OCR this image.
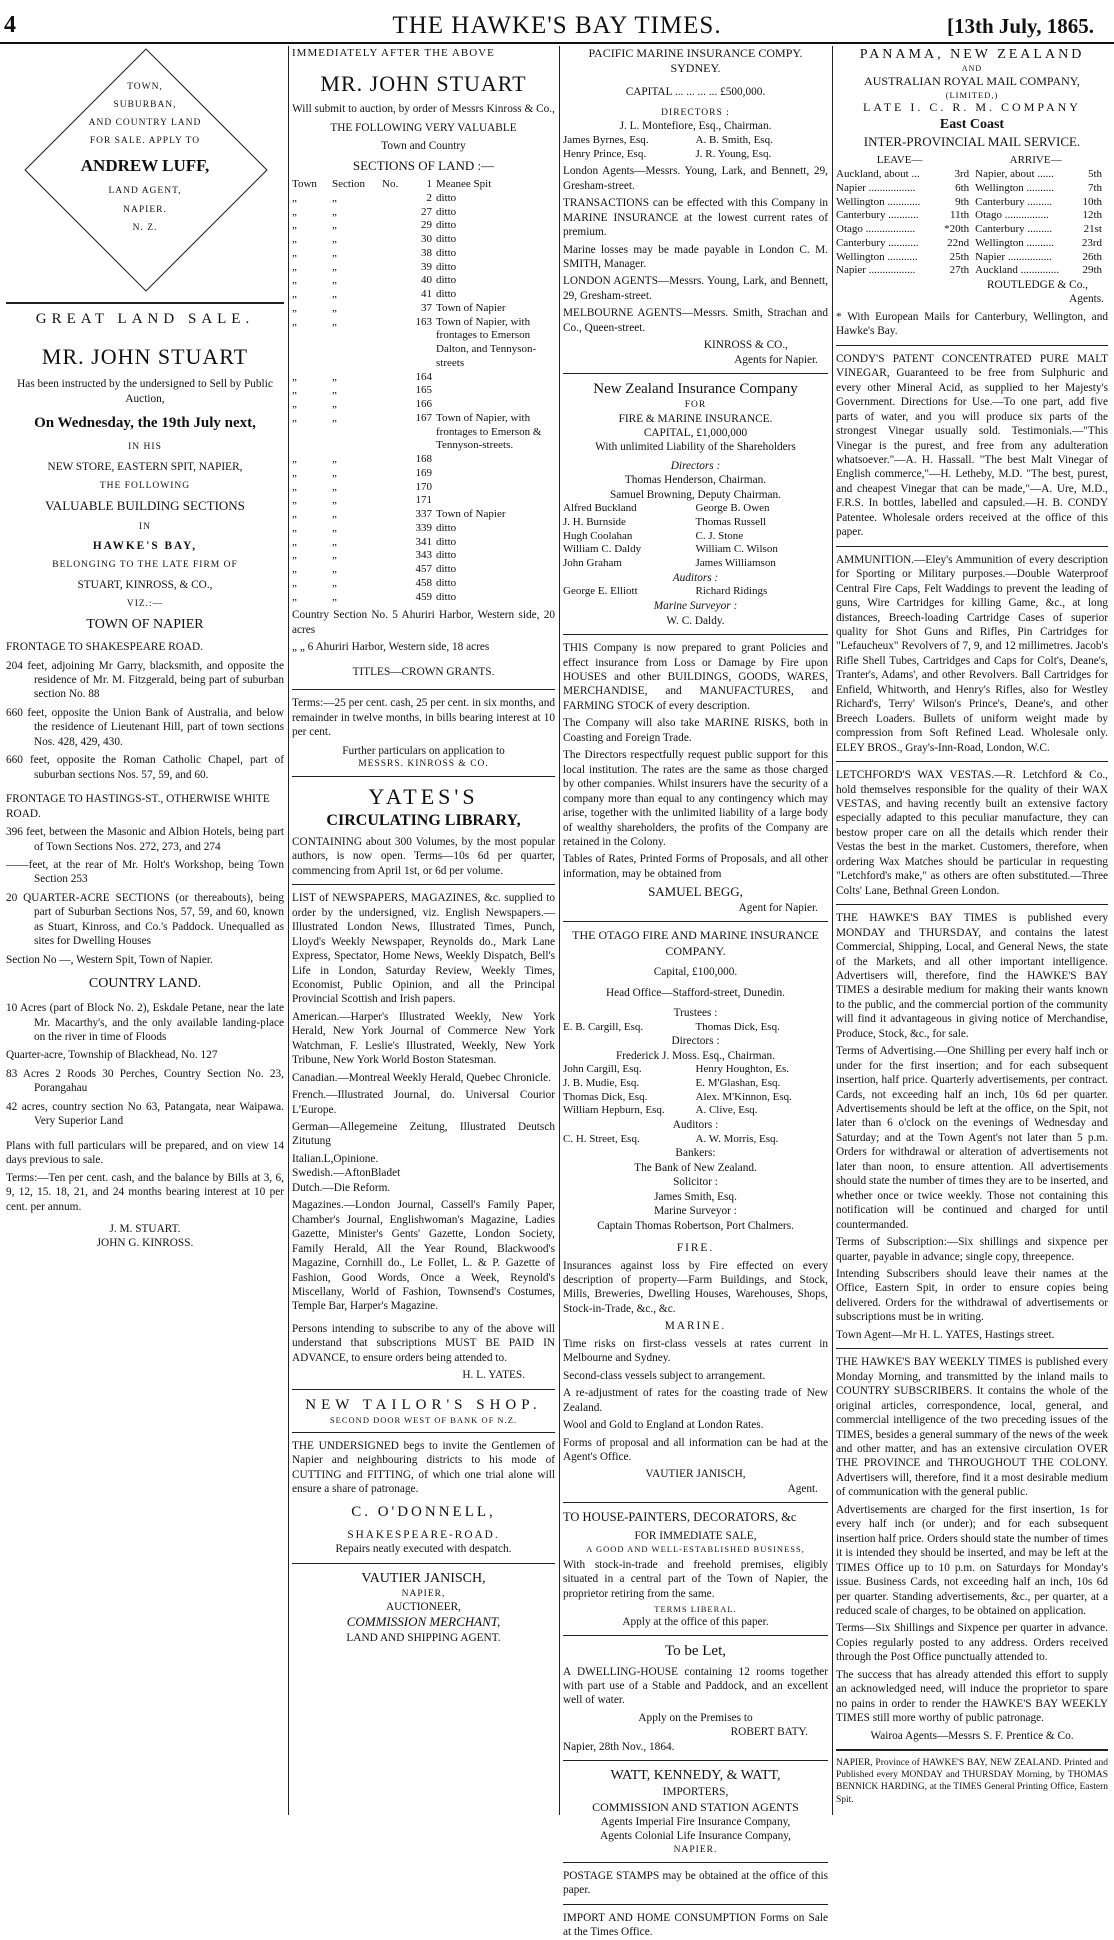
4	THE HAWKE'S BAY TIMES.	[13th July, 1865.
TOWN,
SUBURBAN,
AND COUNTRY LAND
FOR SALE. APPLY TO
ANDREW LUFF,
LAND AGENT,
NAPIER.
N. Z.
GREAT LAND SALE.
MR. JOHN STUART
Has been instructed by the undersigned to Sell by Public Auction,
On Wednesday, the 19th July next,
IN HIS
NEW STORE, EASTERN SPIT, NAPIER,
THE FOLLOWING
VALUABLE BUILDING SECTIONS
IN
HAWKE'S BAY,
BELONGING TO THE LATE FIRM OF
STUART, KINROSS, & CO.,
VIZ.:—
TOWN OF NAPIER
FRONTAGE TO SHAKESPEARE ROAD.

204 feet, adjoining Mr Garry, blacksmith, and opposite the residence of Mr. M. Fitzgerald, being part of suburban section No. 88

660 feet, opposite the Union Bank of Australia, and below the residence of Lieutenant Hill, part of town sections Nos. 428, 429, 430.

660 feet, opposite the Roman Catholic Chapel, part of suburban sections Nos. 57, 59, and 60.

FRONTAGE TO HASTINGS-ST., OTHERWISE WHITE ROAD.

396 feet, between the Masonic and Albion Hotels, being part of Town Sections Nos. 272, 273, and 274

——feet, at the rear of Mr. Holt's Workshop, being Town Section 253

20 QUARTER-ACRE SECTIONS (or thereabouts), being part of Suburban Sections Nos, 57, 59, and 60, known as Stuart, Kinross, and Co.'s Paddock. Unequalled as sites for Dwelling Houses

Section No —, Western Spit, Town of Napier.

COUNTRY LAND.

10 Acres (part of Block No. 2), Eskdale Petane, near the late Mr. Macarthy's, and the only available landing-place on the river in time of Floods

Quarter-acre, Township of Blackhead, No. 127

83 Acres 2 Roods 30 Perches, Country Section No. 23, Porangahau

42 acres, country section No 63, Patangata, near Waipawa. Very Superior Land

Plans with full particulars will be prepared, and on view 14 days previous to sale.

Terms:—Ten per cent. cash, and the balance by Bills at 3, 6, 9, 12, 15. 18, 21, and 24 months bearing interest at 10 per cent. per annum.

J. M. STUART.
JOHN G. KINROSS.
IMMEDIATELY AFTER THE ABOVE
MR. JOHN STUART
Will submit to auction, by order of Messrs Kinross & Co.,
THE FOLLOWING VERY VALUABLE
Town and Country
SECTIONS OF LAND :—
Town	Section	No.	1	Meanee Spit
„	„	2	ditto
„	„	27	ditto
„	„	29	ditto
„	„	30	ditto
„	„	38	ditto
„	„	39	ditto
„	„	40	ditto
„	„	41	ditto
„	„	37	Town of Napier
„	„	163	Town of Napier, with frontages to Emerson Dalton, and Tennyson-streets
„	„	164	
„	„	165	
„	„	166	
„	„	167	Town of Napier, with frontages to Emerson & Tennyson-streets.
„	„	168	
„	„	169	
„	„	170	
„	„	171	
„	„	337	Town of Napier
„	„	339	ditto
„	„	341	ditto
„	„	343	ditto
„	„	457	ditto
„	„	458	ditto
„	„	459	ditto

Country Section No. 5 Ahuriri Harbor, Western side, 20 acres

„ „ 6 Ahuriri Harbor, Western side, 18 acres

TITLES—CROWN GRANTS.

Terms:—25 per cent. cash, 25 per cent. in six months, and remainder in twelve months, in bills bearing interest at 10 per cent.

Further particulars on application to
MESSRS. KINROSS & CO.
YATES'S
CIRCULATING LIBRARY,

CONTAINING about 300 Volumes, by the most popular authors, is now open. Terms—10s 6d per quarter, commencing from April 1st, or 6d per volume.

LIST of NEWSPAPERS, MAGAZINES, &c. supplied to order by the undersigned, viz. English Newspapers.—Illustrated London News, Illustrated Times, Punch, Lloyd's Weekly Newspaper, Reynolds do., Mark Lane Express, Spectator, Home News, Weekly Dispatch, Bell's Life in London, Saturday Review, Weekly Times, Economist, Public Opinion, and all the Principal Provincial Scottish and Irish papers.

American.—Harper's Illustrated Weekly, New York Herald, New York Journal of Commerce New York Watchman, F. Leslie's Illustrated, Weekly, New York Tribune, New York World Boston Statesman.

Canadian.—Montreal Weekly Herald, Quebec Chronicle.

French.—Illustrated Journal, do. Universal Courior L'Europe.

German—Allegemeine Zeitung, Illustrated Deutsch Zitutung

Italian.L,Opinione.
Swedish.—AftonBladet
Dutch.—Die Reform.

Magazines.—London Journal, Cassell's Family Paper, Chamber's Journal, Englishwoman's Magazine, Ladies Gazette, Minister's Gents' Gazette, London Society, Family Herald, All the Year Round, Blackwood's Magazine, Cornhill do., Le Follet, L. & P. Gazette of Fashion, Good Words, Once a Week, Reynold's Miscellany, World of Fashion, Townsend's Costumes, Temple Bar, Harper's Magazine.

Persons intending to subscribe to any of the above will understand that subscriptions MUST BE PAID IN ADVANCE, to ensure orders being attended to.

H. L. YATES.
NEW TAILOR'S SHOP.
SECOND DOOR WEST OF BANK OF N.Z.

THE UNDERSIGNED begs to invite the Gentlemen of Napier and neighbouring districts to his mode of CUTTING and FITTING, of which one trial alone will ensure a share of patronage.

C. O'DONNELL,
SHAKESPEARE-ROAD.
Repairs neatly executed with despatch.
VAUTIER JANISCH,
NAPIER,
AUCTIONEER,
COMMISSION MERCHANT,
LAND AND SHIPPING AGENT.
PACIFIC MARINE INSURANCE COMPY. SYDNEY.
CAPITAL ... ... ... ... £500,000.
DIRECTORS :
J. L. Montefiore, Esq., Chairman.
James Byrnes, Esq.	A. B. Smith, Esq.
Henry Prince, Esq.	J. R. Young, Esq.

London Agents—Messrs. Young, Lark, and Bennett, 29, Gresham-street.

TRANSACTIONS can be effected with this Company in MARINE INSURANCE at the lowest current rates of premium.

Marine losses may be made payable in London C. M. SMITH, Manager.

LONDON AGENTS—Messrs. Young, Lark, and Bennett, 29, Gresham-street.

MELBOURNE AGENTS—Messrs. Smith, Strachan and Co., Queen-street.

KINROSS & CO.,
Agents for Napier.
New Zealand Insurance Company
FOR
FIRE & MARINE INSURANCE.
CAPITAL, £1,000,000
With unlimited Liability of the Shareholders
Directors :
Thomas Henderson, Chairman.
Samuel Browning, Deputy Chairman.
Alfred Buckland	George B. Owen
J. H. Burnside	Thomas Russell
Hugh Coolahan	C. J. Stone
William C. Daldy	William C. Wilson
John Graham	James Williamson
Auditors :
George E. Elliott	Richard Ridings
Marine Surveyor :
W. C. Daldy.

THIS Company is now prepared to grant Policies and effect insurance from Loss or Damage by Fire upon HOUSES and other BUILDINGS, GOODS, WARES, MERCHANDISE, and MANUFACTURES, and FARMING STOCK of every description.

The Company will also take MARINE RISKS, both in Coasting and Foreign Trade.

The Directors respectfully request public support for this local institution. The rates are the same as those charged by other companies. Whilst insurers have the security of a company more than equal to any contingency which may arise, together with the unlimited liability of a large body of wealthy shareholders, the profits of the Company are retained in the Colony.

Tables of Rates, Printed Forms of Proposals, and all other information, may be obtained from

SAMUEL BEGG,
Agent for Napier.
THE OTAGO FIRE AND MARINE INSURANCE COMPANY.
Capital, £100,000.
Head Office—Stafford-street, Dunedin.
Trustees :
E. B. Cargill, Esq.	Thomas Dick, Esq.
Directors :
Frederick J. Moss. Esq., Chairman.
John Cargill, Esq.	Henry Houghton, Es.
J. B. Mudie, Esq.	E. M'Glashan, Esq.
Thomas Dick, Esq.	Alex. M'Kinnon, Esq.
William Hepburn, Esq.	A. Clive, Esq.
Auditors :
C. H. Street, Esq.	A. W. Morris, Esq.
Bankers:
The Bank of New Zealand.
Solicitor :
James Smith, Esq.
Marine Surveyor :
Captain Thomas Robertson, Port Chalmers.
FIRE.

Insurances against loss by Fire effected on every description of property—Farm Buildings, and Stock, Mills, Breweries, Dwelling Houses, Warehouses, Shops, Stock-in-Trade, &c., &c.

MARINE.

Time risks on first-class vessels at rates current in Melbourne and Sydney.

Second-class vessels subject to arrangement.

A re-adjustment of rates for the coasting trade of New Zealand.

Wool and Gold to England at London Rates.

Forms of proposal and all information can be had at the Agent's Office.

VAUTIER JANISCH,
Agent.
TO HOUSE-PAINTERS, DECORATORS, &c
FOR IMMEDIATE SALE,
A GOOD AND WELL-ESTABLISHED BUSINESS,

With stock-in-trade and freehold premises, eligibly situated in a central part of the Town of Napier, the proprietor retiring from the same.

TERMS LIBERAL.
Apply at the office of this paper.
To be Let,

A DWELLING-HOUSE containing 12 rooms together with part use of a Stable and Paddock, and an excellent well of water.

Apply on the Premises to
ROBERT BATY.
Napier, 28th Nov., 1864.
WATT, KENNEDY, & WATT,
IMPORTERS,
COMMISSION AND STATION AGENTS
Agents Imperial Fire Insurance Company,
Agents Colonial Life Insurance Company,
NAPIER.

POSTAGE STAMPS may be obtained at the office of this paper.

IMPORT AND HOME CONSUMPTION Forms on Sale at the Times Office.

PANAMA, NEW ZEALAND
AND
AUSTRALIAN ROYAL MAIL COMPANY,
(LIMITED,)
LATE I. C. R. M. COMPANY
East Coast
INTER-PROVINCIAL MAIL SERVICE.
LEAVE—	ARRIVE—
Auckland, about ...	3rd	Napier, about ......	5th
Napier .................	6th	Wellington ..........	7th
Wellington ............	9th	Canterbury .........	10th
Canterbury ...........	11th	Otago ................	12th
Otago ..................	*20th	Canterbury .........	21st
Canterbury ...........	22nd	Wellington ..........	23rd
Wellington ...........	25th	Napier ................	26th
Napier .................	27th	Auckland ..............	29th
ROUTLEDGE & Co.,
Agents.

* With European Mails for Canterbury, Wellington, and Hawke's Bay.

CONDY'S PATENT CONCENTRATED PURE MALT VINEGAR, Guaranteed to be free from Sulphuric and every other Mineral Acid, as supplied to her Majesty's Government. Directions for Use.—To one part, add five parts of water, and you will produce six parts of the strongest Vinegar usually sold. Testimonials.—"This Vinegar is the purest, and free from any adulteration whatsoever."—A. H. Hassall. "The best Malt Vinegar of English commerce,"—H. Letheby, M.D. "The best, purest, and cheapest Vinegar that can be made,"—A. Ure, M.D., F.R.S. In bottles, labelled and capsuled.—H. B. CONDY Patentee. Wholesale orders received at the office of this paper.

AMMUNITION.—Eley's Ammunition of every description for Sporting or Military purposes.—Double Waterproof Central Fire Caps, Felt Waddings to prevent the leading of guns, Wire Cartridges for killing Game, &c., at long distances, Breech-loading Cartridge Cases of superior quality for Shot Guns and Rifles, Pin Cartridges for "Lefaucheux" Revolvers of 7, 9, and 12 millimetres. Jacob's Rifle Shell Tubes, Cartridges and Caps for Colt's, Deane's, Tranter's, Adams', and other Revolvers. Ball Cartridges for Enfield, Whitworth, and Henry's Rifles, also for Westley Richard's, Terry' Wilson's Prince's, Deane's, and other Breech Loaders. Bullets of uniform weight made by compression from Soft Refined Lead. Wholesale only. ELEY BROS., Gray's-Inn-Road, London, W.C.

LETCHFORD'S WAX VESTAS.—R. Letchford & Co., hold themselves responsible for the quality of their WAX VESTAS, and having recently built an extensive factory especially adapted to this peculiar manufacture, they can bestow proper care on all the details which render their Vestas the best in the market. Customers, therefore, when ordering Wax Matches should be particular in requesting "Letchford's make," as others are often substituted.—Three Colts' Lane, Bethnal Green London.

THE HAWKE'S BAY TIMES is published every MONDAY and THURSDAY, and contains the latest Commercial, Shipping, Local, and General News, the state of the Markets, and all other important intelligence. Advertisers will, therefore, find the HAWKE'S BAY TIMES a desirable medium for making their wants known to the public, and the commercial portion of the community will find it advantageous in giving notice of Merchandise, Produce, Stock, &c., for sale.

Terms of Advertising.—One Shilling per every half inch or under for the first insertion; and for each subsequent insertion, half price. Quarterly advertisements, per contract. Cards, not exceeding half an inch, 10s 6d per quarter. Advertisements should be left at the office, on the Spit, not later than 6 o'clock on the evenings of Wednesday and Saturday; and at the Town Agent's not later than 5 p.m. Orders for withdrawal or alteration of advertisements not later than noon, to ensure attention. All advertisements should state the number of times they are to be inserted, and whether once or twice weekly. Those not containing this notification will be continued and charged for until countermanded.

Terms of Subscription:—Six shillings and sixpence per quarter, payable in advance; single copy, threepence.

Intending Subscribers should leave their names at the Office, Eastern Spit, in order to ensure copies being delivered. Orders for the withdrawal of advertisements or subscriptions must be in writing.

Town Agent—Mr H. L. YATES, Hastings street.

THE HAWKE'S BAY WEEKLY TIMES is published every Monday Morning, and transmitted by the inland mails to COUNTRY SUBSCRIBERS. It contains the whole of the original articles, correspondence, local, general, and commercial intelligence of the two preceding issues of the TIMES, besides a general summary of the news of the week and other matter, and has an extensive circulation OVER THE PROVINCE and THROUGHOUT THE COLONY. Advertisers will, therefore, find it a most desirable medium of communication with the general public.

Advertisements are charged for the first insertion, 1s for every half inch (or under); and for each subsequent insertion half price. Orders should state the number of times it is intended they should be inserted, and may be left at the TIMES Office up to 10 p.m. on Saturdays for Monday's issue. Business Cards, not exceeding half an inch, 10s 6d per quarter. Standing advertisements, &c., per quarter, at a reduced scale of charges, to be obtained on application.

Terms—Six Shillings and Sixpence per quarter in advance. Copies regularly posted to any address. Orders received through the Post Office punctually attended to.

The success that has already attended this effort to supply an acknowledged need, will induce the proprietor to spare no pains in order to render the HAWKE'S BAY WEEKLY TIMES still more worthy of public patronage.

Wairoa Agents—Messrs S. F. Prentice & Co.

NAPIER, Province of HAWKE'S BAY, NEW ZEALAND. Printed and Published every MONDAY and THURSDAY Morning, by THOMAS BENNICK HARDING, at the TIMES General Printing Office, Eastern Spit.
